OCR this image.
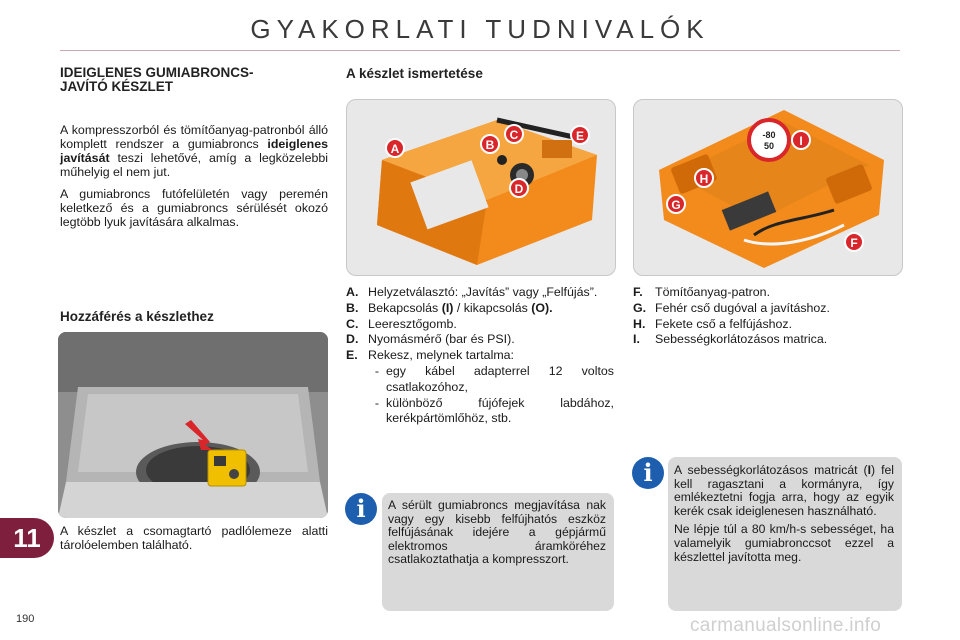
GYAKORLATI TUDNIVALÓK
IDEIGLENES GUMIABRONCS-
JAVÍTÓ KÉSZLET

A kompresszorból és tömítőanyag-patronból álló komplett rendszer a gumiabroncs ideiglenes javítását teszi lehetővé, amíg a legközelebbi műhelyig el nem jut.

A gumiabroncs futófelületén vagy peremén keletkező és a gumiabroncs sérülését okozó legtöbb lyuk javítására alkalmas.

Hozzáférés a készlethez
A készlet a csomagtartó padlólemeze alatti tárolóelemben található.
A készlet ismertetése
A	B
C
D
E	-80
50
F
G
H
I
A. Helyzetválasztó: „Javítás” vagy „Felfújás”.
B. Bekapcsolás (I) / kikapcsolás (O).
C. Leeresztőgomb.
D. Nyomásmérő (bar és PSI).
E. Rekesz, melynek tartalma:
- egy kábel adapterrel 12 voltos csatlakozóhoz,
- különböző fújófejek labdához, kerékpártömlőhöz, stb.
F. Tömítőanyag-patron.
G. Fehér cső dugóval a javításhoz.
H. Fekete cső a felfújáshoz.
I.	Sebességkorlátozásos matrica.
A sérült gumiabroncs megjavítása nak vagy egy kisebb felfújhatós eszköz felfújásának idejére a gépjármű elektromos áramköréhez csatlakoztathatja a kompresszort.
i

A sebességkorlátozásos matricát (I) fel kell ragasztani a kormányra, így emlékeztetni fogja arra, hogy az egyik kerék csak ideiglenesen használható.

Ne lépje túl a 80 km/h-s sebességet, ha valamelyik gumiabronccsot ezzel a készlettel javította meg.

i
11
190	carmanualsonline.info
